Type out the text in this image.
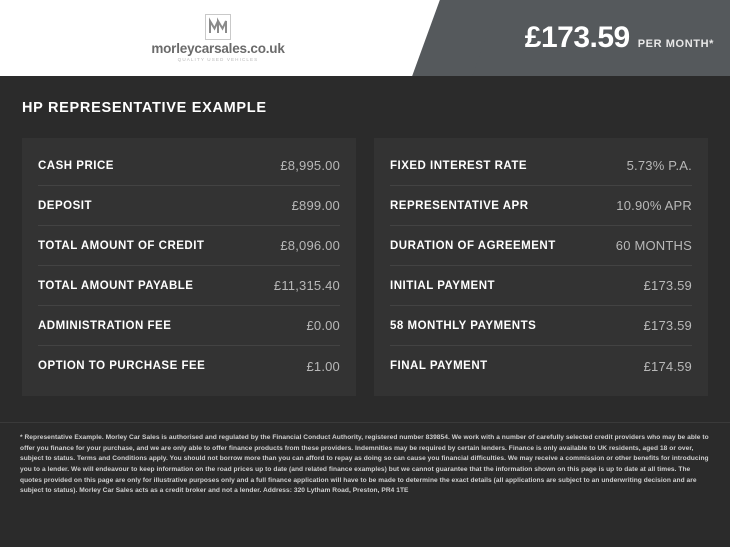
morleycarsales.co.uk
QUALITY USED VEHICLES
£173.59 PER MONTH*
HP REPRESENTATIVE EXAMPLE
CASH PRICE	£8,995.00
DEPOSIT	£899.00
TOTAL AMOUNT OF CREDIT	£8,096.00
TOTAL AMOUNT PAYABLE	£11,315.40
ADMINISTRATION FEE	£0.00
OPTION TO PURCHASE FEE	£1.00
FIXED INTEREST RATE	5.73% P.A.
REPRESENTATIVE APR	10.90% APR
DURATION OF AGREEMENT	60 MONTHS
INITIAL PAYMENT	£173.59
58 MONTHLY PAYMENTS	£173.59
FINAL PAYMENT	£174.59

* Representative Example. Morley Car Sales is authorised and regulated by the Financial Conduct Authority, registered number 839854. We work with a number of carefully selected credit providers who may be able to offer you finance for your purchase, and we are only able to offer finance products from these providers. Indemnities may be required by certain lenders. Finance is only available to UK residents, aged 18 or over, subject to status. Terms and Conditions apply. You should not borrow more than you can afford to repay as doing so can cause you financial difficulties. We may receive a commission or other benefits for introducing you to a lender. We will endeavour to keep information on the road prices up to date (and related finance examples) but we cannot guarantee that the information shown on this page is up to date at all times. The quotes provided on this page are only for illustrative purposes only and a full finance application will have to be made to determine the exact details (all applications are subject to an underwriting decision and are subject to status). Morley Car Sales acts as a credit broker and not a lender. Address: 320 Lytham Road, Preston, PR4 1TE
